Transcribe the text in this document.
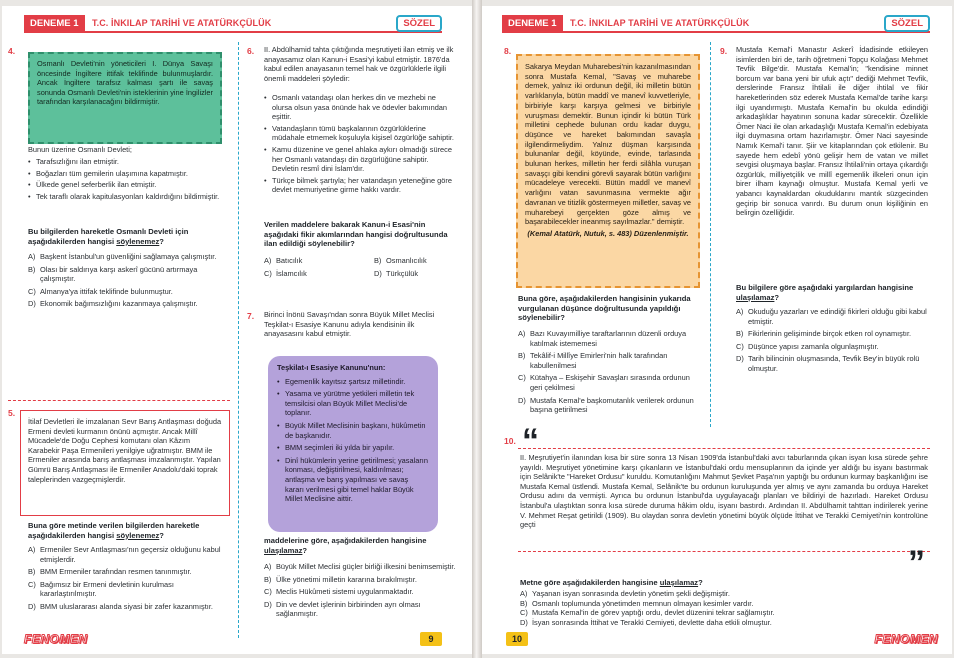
DENEME 1	T.C. İNKILAP TARİHİ VE ATATÜRKÇÜLÜK	SÖZEL
4.
Osmanlı Devleti'nin yöneticileri I. Dünya Savaşı öncesinde İngiltere ittifak teklifinde bulunmuşlardır. Ancak İngiltere tarafsız kalması şartı ile savaş sonunda Osmanlı Devleti'nin isteklerinin yine İngilizler tarafından karşılanacağını bildirmiştir.
Bunun üzerine Osmanlı Devleti;
• Tarafsızlığını ilan etmiştir.
• Boğazları tüm gemilerin ulaşımına kapatmıştır.
• Ülkede genel seferberlik ilan etmiştir.
• Tek taraflı olarak kapitulasyonları kaldırdığını bildirmiştir.
Bu bilgilerden hareketle Osmanlı Devleti için aşağıdakilerden hangisi söylenemez?
A) Başkent İstanbul'un güvenliğini sağlamaya çalışmıştır.
B) Olası bir saldırıya karşı askerî gücünü artırmaya çalışmıştır.
C) Almanya'ya ittifak teklifinde bulunmuştur.
D) Ekonomik bağımsızlığını kazanmaya çalışmıştır.
5.
İtilaf Devletleri ile imzalanan Sevr Barış Antlaşması doğuda Ermeni devleti kurmanın önünü açmıştır. Ancak Millî Mücadele'de Doğu Cephesi komutanı olan Kâzım Karabekir Paşa Ermenileri yenilgiye uğratmıştır. BMM ile Ermeniler arasında barış antlaşması imzalanmıştır. Yapılan Gümrü Barış Antlaşması ile Ermeniler Anadolu'daki toprak taleplerinden vazgeçmişlerdir.
Buna göre metinde verilen bilgilerden hareketle aşağıdakilerden hangisi söylenemez?
A) Ermeniler Sevr Antlaşması'nın geçersiz olduğunu kabul etmişlerdir.
B) BMM Ermeniler tarafından resmen tanınmıştır.
C) Bağımsız bir Ermeni devletinin kurulması kararlaştırılmıştır.
D) BMM uluslararası alanda siyasi bir zafer kazanmıştır.
6. II. Abdülhamid tahta çıktığında meşrutiyeti ilan etmiş ve ilk anayasamız olan Kanun-i Esasi'yi kabul etmiştir. 1876'da kabul edilen anayasanın temel hak ve özgürlüklerle ilgili önemli maddeleri şöyledir:
• Osmanlı vatandaşı olan herkes din ve mezhebi ne olursa olsun yasa önünde hak ve ödevler bakımından eşittir.
• Vatandaşların tümü başkalarının özgürlüklerine müdahale etmemek koşuluyla kişisel özgürlüğe sahiptir.
• Kamu düzenine ve genel ahlaka aykırı olmadığı sürece her Osmanlı vatandaşı din özgürlüğüne sahiptir. Devletin resmî dini İslam'dır.
• Türkçe bilmek şartıyla; her vatandaşın yeteneğine göre devlet memuriyetine girme hakkı vardır.
Verilen maddelere bakarak Kanun-i Esasi'nin aşağıdaki fikir akımlarından hangisi doğrultusunda ilan edildiği söylenebilir?
A) Batıcılık	B) Osmanlıcılık
C) İslamcılık	D) Türkçülük
7. Birinci İnönü Savaşı'ndan sonra Büyük Millet Meclisi Teşkilat-ı Esasiye Kanunu adıyla kendisinin ilk anayasasını kabul etmiştir.
Teşkilat-ı Esasiye Kanunu'nun:
• Egemenlik kayıtsız şartsız milletindir.
• Yasama ve yürütme yetkileri milletin tek temsilcisi olan Büyük Millet Meclisi'de toplanır.
• Büyük Millet Meclisinin başkanı, hükûmetin de başkanıdır.
• BMM seçimleri iki yılda bir yapılır.
• Dinî hükümlerin yerine getirilmesi; yasaların konması, değiştirilmesi, kaldırılması; antlaşma ve barış yapılması ve savaş kararı verilmesi gibi temel haklar Büyük Millet Meclisine aittir.
maddelerine göre, aşağıdakilerden hangisine ulaşılamaz?
A) Büyük Millet Meclisi güçler birliği ilkesini benimsemiştir.
B) Ülke yönetimi milletin kararına bırakılmıştır.
C) Meclis Hükûmeti sistemi uygulanmaktadır.
D) Din ve devlet işlerinin birbirinden ayrı olması sağlanmıştır.
FENOMEN	9
DENEME 1	T.C. İNKILAP TARİHİ VE ATATÜRKÇÜLÜK	SÖZEL
8.
Sakarya Meydan Muharebesi'nin kazanılmasından sonra Mustafa Kemal, "Savaş ve muharebe demek, yalnız iki ordunun değil, iki milletin bütün varlıklarıyla, bütün maddî ve manevî kuvvetleriyle, birbiriyle karşı karşıya gelmesi ve birbiriyle vuruşması demektir. Bunun içindir ki bütün Türk milletini cephede bulunan ordu kadar duygu, düşünce ve hareket bakımından savaşla ilgilendirmeliydim. Yalnız düşman karşısında bulunanlar değil, köyünde, evinde, tarlasında bulunan herkes, milletin her ferdi silâhla vuruşan savaşçı gibi kendini görevli sayarak bütün varlığını mücadeleye verecekti. Bütün maddî ve manevî varlığını vatan savunmasına vermekte ağır davranan ve titizlik göstermeyen milletler, savaş ve muharebeyi gerçekten göze almış ve başarabilecekler ineanmış sayılmazlar." demiştir.
(Kemal Atatürk, Nutuk, s. 483) Düzenlenmiştir.
Buna göre, aşağıdakilerden hangisinin yukarıda vurgulanan düşünce doğrultusunda yapıldığı söylenebilir?
A) Bazı Kuvayımilliye taraftarlarının düzenli orduya katılmak istememesi
B) Tekâlif-i Millîye Emirleri'nin halk tarafından kabullenilmesi
C) Kütahya – Eskişehir Savaşları sırasında ordunun geri çekilmesi
D) Mustafa Kemal'e başkomutanlık verilerek ordunun başına getirilmesi
9. Mustafa Kemal'i Manastır Askerî İdadisinde etkileyen isimlerden biri de, tarih öğretmeni Topçu Kolağası Mehmet Tevfik Bilge'dir. Mustafa Kemal'in; "kendisine minnet borcum var bana yeni bir ufuk açtı" dediği Mehmet Tevfik, derslerinde Fransız İhtilali ile diğer ihtilal ve fikir hareketlerinden söz ederek Mustafa Kemal'de tarihe karşı ilgi uyandırmıştı. Mustafa Kemal'in bu okulda edindiği arkadaşlıklar hayatının sonuna kadar sürecektir. Özellikle Ömer Naci ile olan arkadaşlığı Mustafa Kemal'in edebiyata ilgi duymasına ortam hazırlamıştır. Ömer Naci sayesinde Namık Kemal'i tanır. Şiir ve kitaplarından çok etkilenir. Bu sayede hem edebî yönü gelişir hem de vatan ve millet sevgisi oluşmaya başlar. Fransız İhtilali'nin ortaya çıkardığı özgürlük, milliyetçilik ve millî egemenlik ilkeleri onun için birer ilham kaynağı olmuştur. Mustafa Kemal yerli ve yabancı kaynaklardan okuduklarını mantık süzgecinden geçirip bir sonuca varırdı. Bu durum onun kişiliğinin en belirgin özelliğidir.
Bu bilgilere göre aşağıdaki yargılardan hangisine ulaşılamaz?
A) Okuduğu yazarları ve edindiği fikirleri olduğu gibi kabul etmiştir.
B) Fikirlerinin gelişiminde birçok etken rol oynamıştır.
C) Düşünce yapısı zamanla olgunlaşmıştır.
D) Tarih bilincinin oluşmasında, Tevfik Bey'in büyük rolü olmuştur.
10. “
II. Meşrutiyet'in ilanından kısa bir süre sonra 13 Nisan 1909'da İstanbul'daki avcı taburlarında çıkan isyan kısa sürede şehre yayıldı. Meşrutiyet yönetimine karşı çıkanların ve İstanbul'daki ordu mensuplarının da içinde yer aldığı bu isyanı bastırmak için Selânik'te "Hareket Ordusu" kuruldu. Komutanlığını Mahmut Şevket Paşa'nın yaptığı bu ordunun kurmay başkanlığını ise Mustafa Kemal üstlendi. Mustafa Kemal, Selânik'te bu ordunun kuruluşunda yer almış ve aynı zamanda bu orduya Hareket Ordusu adını da vermişti. Ayrıca bu ordunun İstanbul'da uygulayacağı planları ve bildiriyi de hazırladı. Hareket Ordusu İstanbul'a ulaştıktan sonra kısa sürede duruma hâkim oldu, isyanı bastırdı. Ardından II. Abdülhamit tahttan indirilerek yerine V. Mehmet Reşat getirildi (1909). Bu olaydan sonra devletin yönetimi büyük ölçüde İttihat ve Terakki Cemiyeti'nin kontrolüne geçti
”
Metne göre aşağıdakilerden hangisine ulaşılamaz?
A) Yaşanan isyan sonrasında devletin yönetim şekli değişmiştir.
B) Osmanlı toplumunda yönetimden memnun olmayan kesimler vardır.
C) Mustafa Kemal'in de görev yaptığı ordu, devlet düzenini tekrar sağlamıştır.
D) İsyan sonrasında İttihat ve Terakki Cemiyeti, devlette daha etkili olmuştur.
10	FENOMEN
